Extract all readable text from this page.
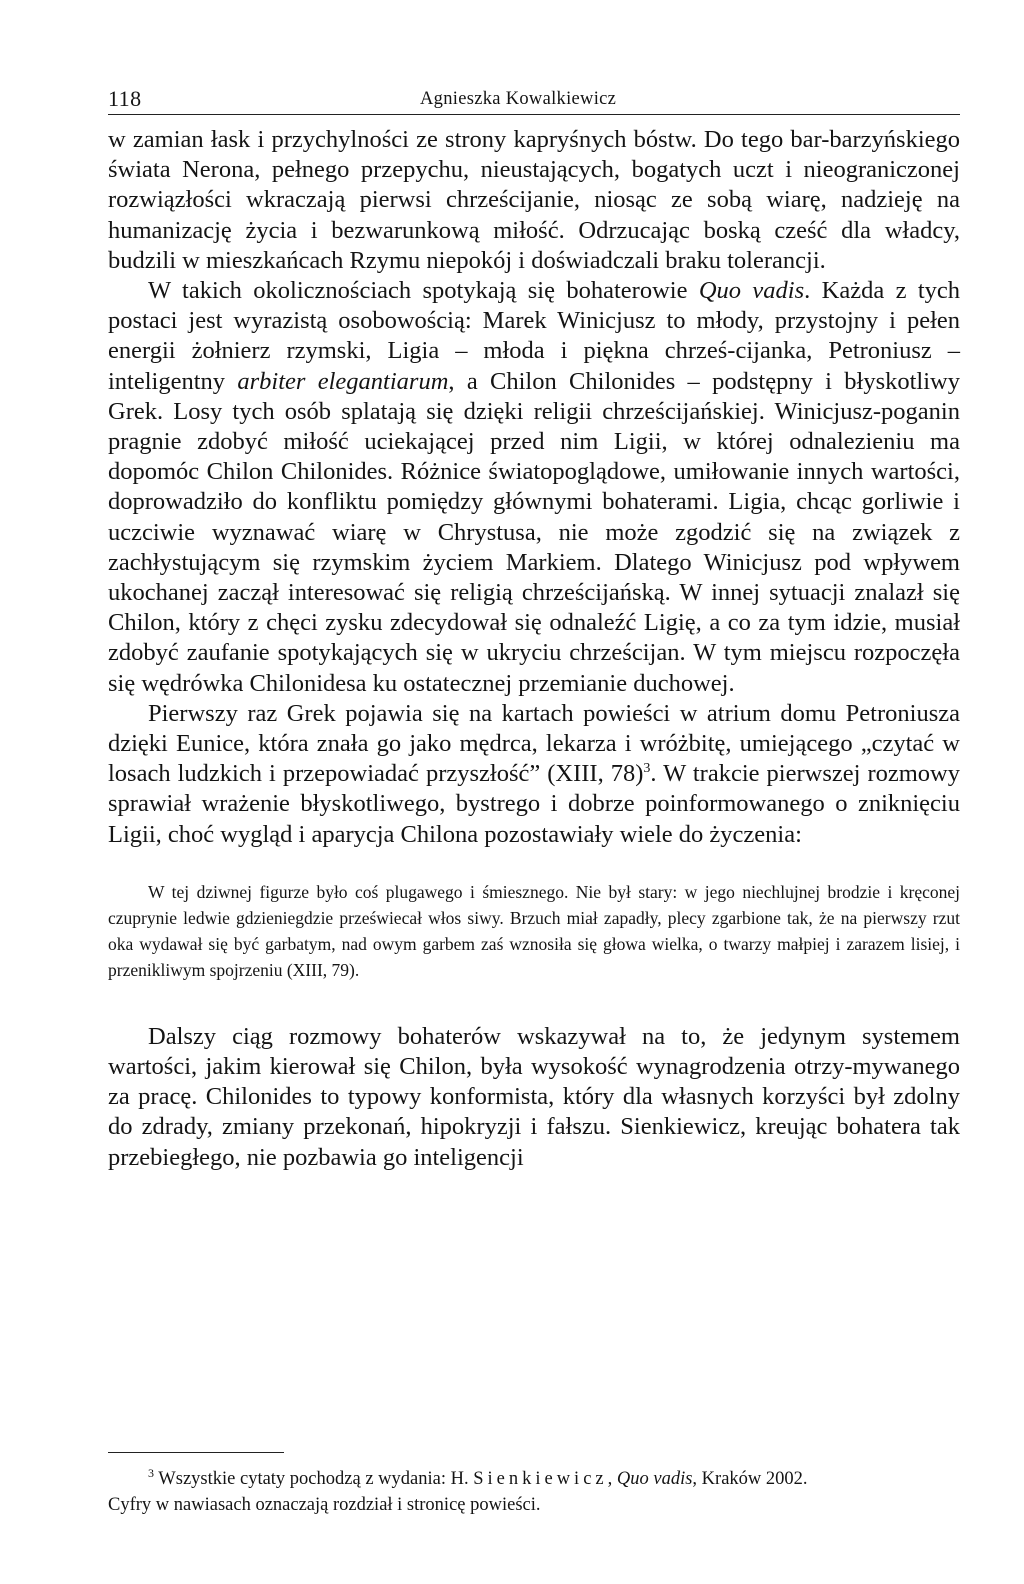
118	Agnieszka Kowalkiewicz

w zamian łask i przychylności ze strony kapryśnych bóstw. Do tego bar-barzyńskiego świata Nerona, pełnego przepychu, nieustających, bogatych uczt i nieograniczonej rozwiązłości wkraczają pierwsi chrześcijanie, niosąc ze sobą wiarę, nadzieję na humanizację życia i bezwarunkową miłość. Odrzucając boską cześć dla władcy, budzili w mieszkańcach Rzymu niepokój i doświadczali braku tolerancji.

W takich okolicznościach spotykają się bohaterowie Quo vadis. Każda z tych postaci jest wyrazistą osobowością: Marek Winicjusz to młody, przystojny i pełen energii żołnierz rzymski, Ligia – młoda i piękna chrześ-cijanka, Petroniusz – inteligentny arbiter elegantiarum, a Chilon Chilonides – podstępny i błyskotliwy Grek. Losy tych osób splatają się dzięki religii chrześcijańskiej. Winicjusz-poganin pragnie zdobyć miłość uciekającej przed nim Ligii, w której odnalezieniu ma dopomóc Chilon Chilonides. Różnice światopoglądowe, umiłowanie innych wartości, doprowadziło do konfliktu pomiędzy głównymi bohaterami. Ligia, chcąc gorliwie i uczciwie wyznawać wiarę w Chrystusa, nie może zgodzić się na związek z zachłystującym się rzymskim życiem Markiem. Dlatego Winicjusz pod wpływem ukochanej zaczął interesować się religią chrześcijańską. W innej sytuacji znalazł się Chilon, który z chęci zysku zdecydował się odnaleźć Ligię, a co za tym idzie, musiał zdobyć zaufanie spotykających się w ukryciu chrześcijan. W tym miejscu rozpoczęła się wędrówka Chilonidesa ku ostatecznej przemianie duchowej.

Pierwszy raz Grek pojawia się na kartach powieści w atrium domu Petroniusza dzięki Eunice, która znała go jako mędrca, lekarza i wróżbitę, umiejącego „czytać w losach ludzkich i przepowiadać przyszłość” (XIII, 78)$^3$. W trakcie pierwszej rozmowy sprawiał wrażenie błyskotliwego, bystrego i dobrze poinformowanego o zniknięciu Ligii, choć wygląd i aparycja Chilona pozostawiały wiele do życzenia:

W tej dziwnej figurze było coś plugawego i śmiesznego. Nie był stary: w jego niechlujnej brodzie i kręconej czuprynie ledwie gdzieniegdzie przeświecał włos siwy. Brzuch miał zapadły, plecy zgarbione tak, że na pierwszy rzut oka wydawał się być garbatym, nad owym garbem zaś wznosiła się głowa wielka, o twarzy małpiej i zarazem lisiej, i przenikliwym spojrzeniu (XIII, 79).

Dalszy ciąg rozmowy bohaterów wskazywał na to, że jedynym systemem wartości, jakim kierował się Chilon, była wysokość wynagrodzenia otrzy-mywanego za pracę. Chilonides to typowy konformista, który dla własnych korzyści był zdolny do zdrady, zmiany przekonań, hipokryzji i fałszu. Sienkiewicz, kreując bohatera tak przebiegłego, nie pozbawia go inteligencji

$^3$ Wszystkie cytaty pochodzą z wydania: H. Sienkiewicz, Quo vadis, Kraków 2002.
Cyfry w nawiasach oznaczają rozdział i stronicę powieści.
